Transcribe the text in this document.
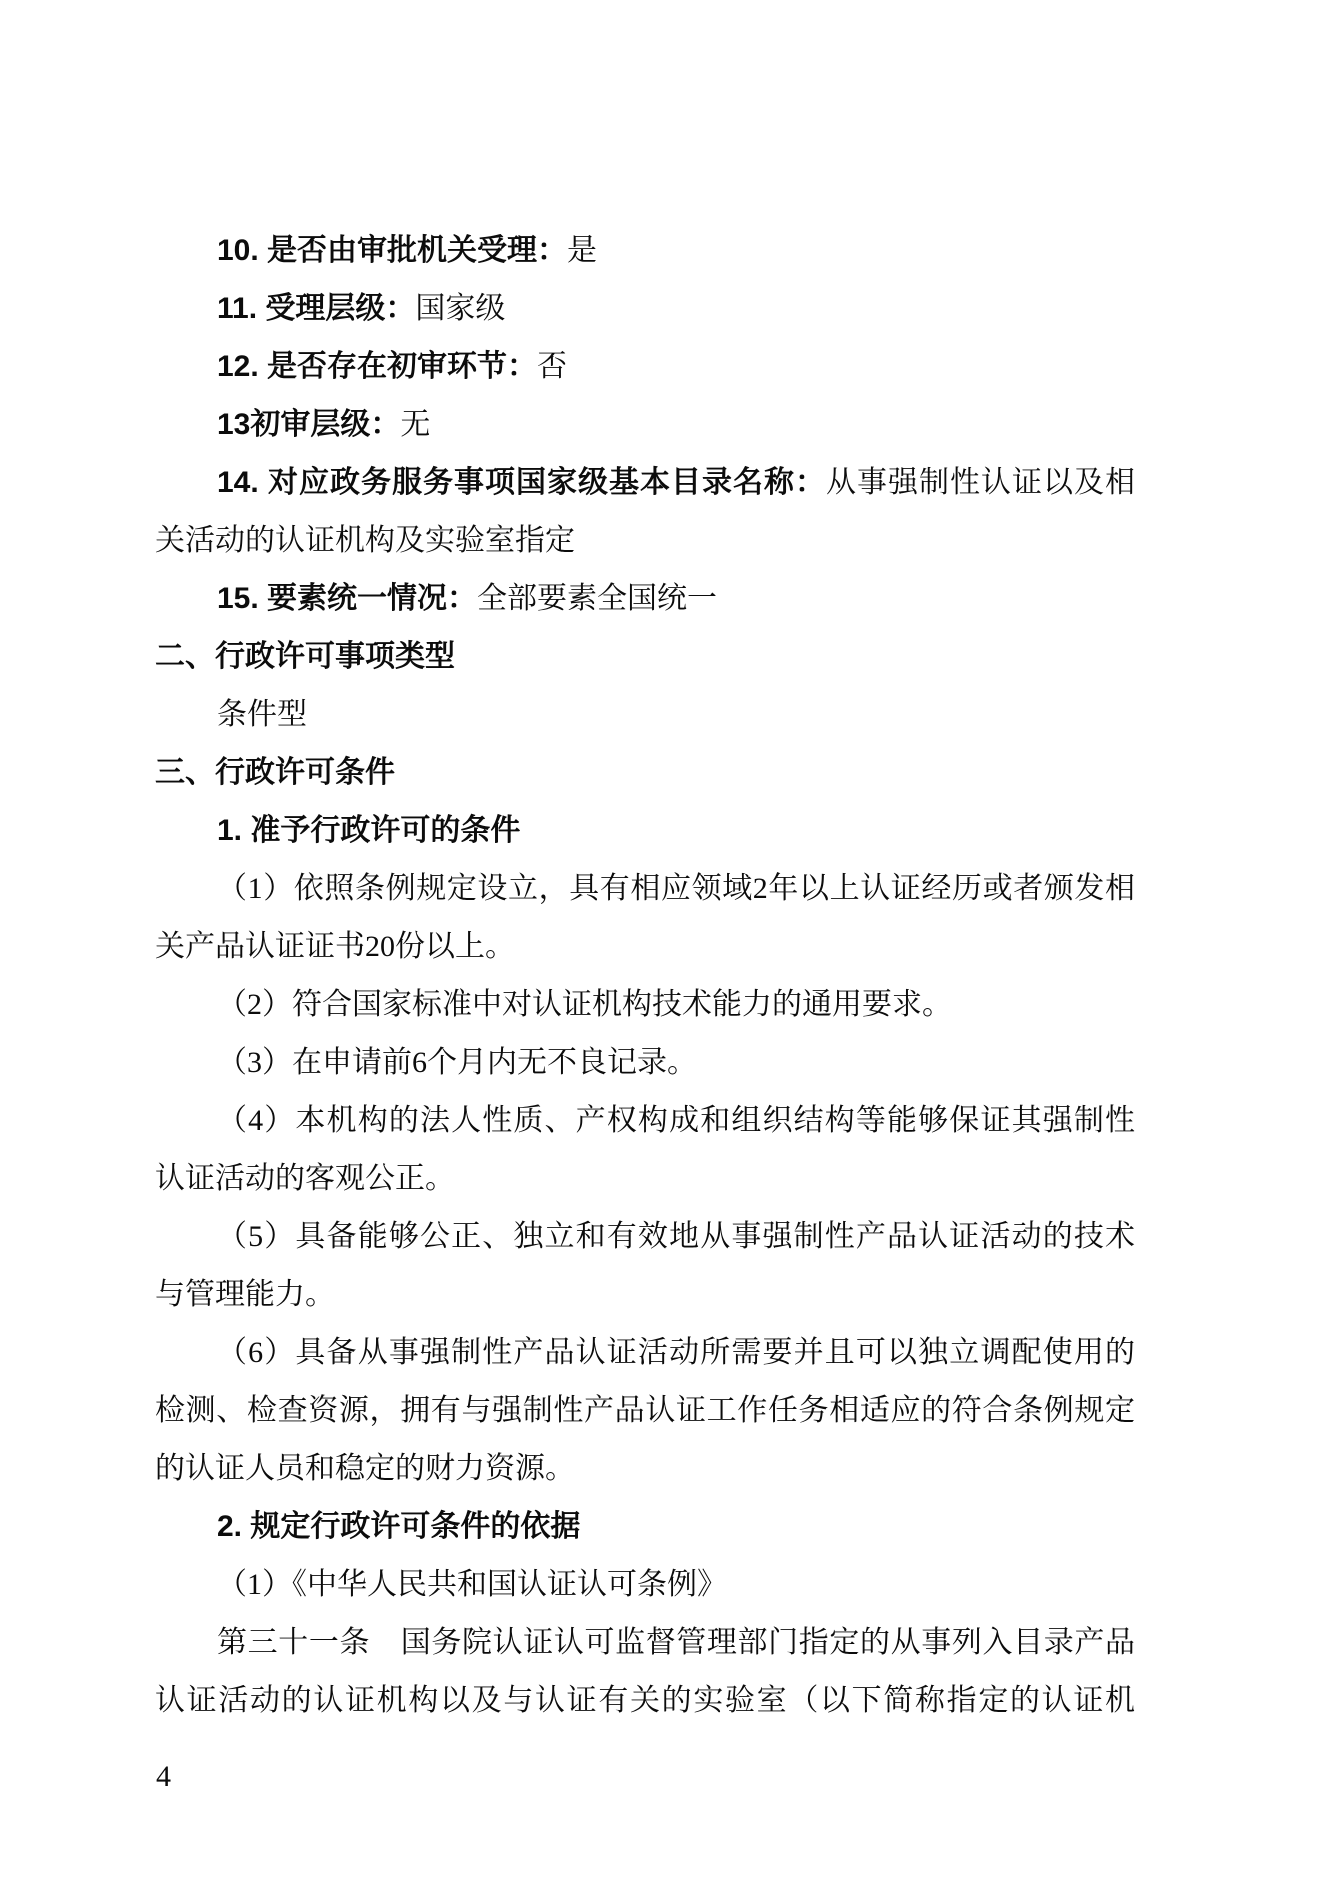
10. 是否由审批机关受理：是

11. 受理层级：国家级

12. 是否存在初审环节：否

13初审层级：无

14. 对应政务服务事项国家级基本目录名称：从事强制性认证以及相

关活动的认证机构及实验室指定

15. 要素统一情况：全部要素全国统一

二、行政许可事项类型

条件型

三、行政许可条件

1. 准予行政许可的条件

（1）依照条例规定设立，具有相应领域2年以上认证经历或者颁发相

关产品认证证书20份以上。

（2）符合国家标准中对认证机构技术能力的通用要求。

（3）在申请前6个月内无不良记录。

（4）本机构的法人性质、产权构成和组织结构等能够保证其强制性

认证活动的客观公正。

（5）具备能够公正、独立和有效地从事强制性产品认证活动的技术

与管理能力。

（6）具备从事强制性产品认证活动所需要并且可以独立调配使用的

检测、检查资源，拥有与强制性产品认证工作任务相适应的符合条例规定

的认证人员和稳定的财力资源。

2. 规定行政许可条件的依据

（1）《中华人民共和国认证认可条例》

第三十一条　国务院认证认可监督管理部门指定的从事列入目录产品

认证活动的认证机构以及与认证有关的实验室（以下简称指定的认证机

4
